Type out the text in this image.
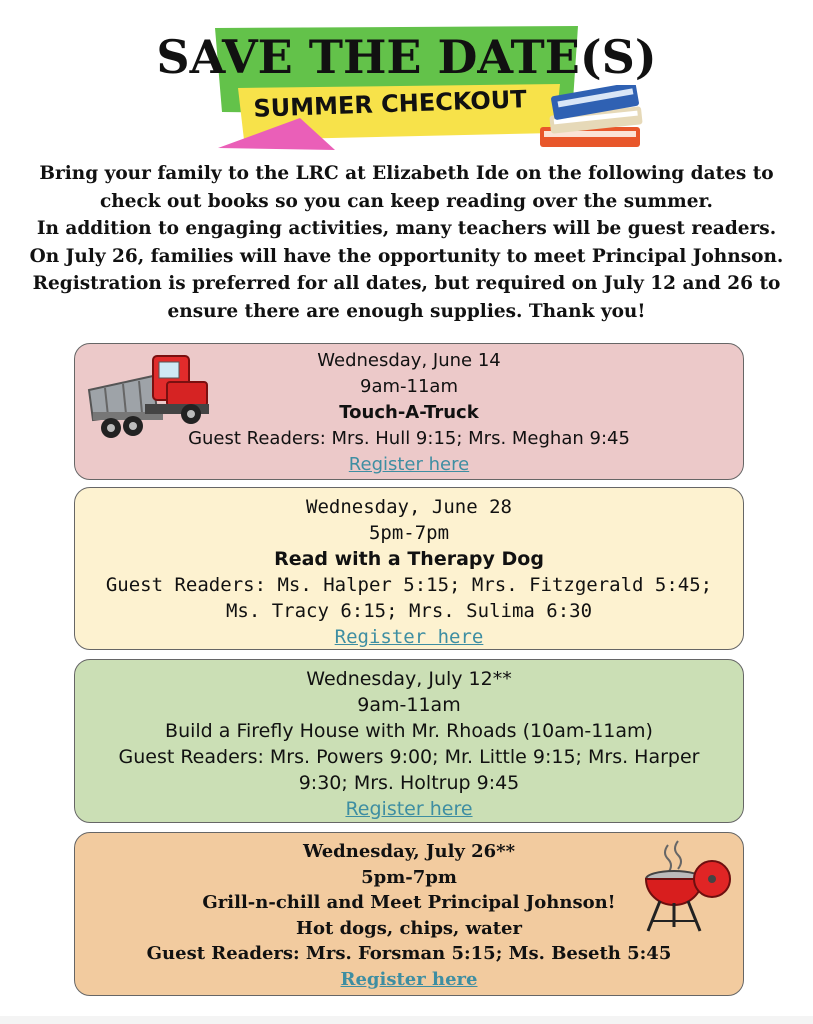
SAVE THE DATE(S)
SUMMER CHECKOUT

Bring your family to the LRC at Elizabeth Ide on the following dates to

check out books so you can keep reading over the summer.

In addition to engaging activities, many teachers will be guest readers.

On July 26, families will have the opportunity to meet Principal Johnson.

Registration is preferred for all dates, but required on July 12 and 26 to

ensure there are enough supplies. Thank you!

Wednesday, June 14

9am-11am

Touch-A-Truck

Guest Readers: Mrs. Hull 9:15; Mrs. Meghan 9:45

Register here

Wednesday, June 28

5pm-7pm

Read with a Therapy Dog

Guest Readers: Ms. Halper 5:15; Mrs. Fitzgerald 5:45;

Ms. Tracy 6:15; Mrs. Sulima 6:30

Register here

Wednesday, July 12**

9am-11am

Build a Firefly House with Mr. Rhoads (10am-11am)

Guest Readers: Mrs. Powers 9:00; Mr. Little 9:15; Mrs. Harper

9:30; Mrs. Holtrup 9:45

Register here

Wednesday, July 26**

5pm-7pm

Grill-n-chill and Meet Principal Johnson!

Hot dogs, chips, water

Guest Readers: Mrs. Forsman 5:15; Ms. Beseth 5:45

Register here
